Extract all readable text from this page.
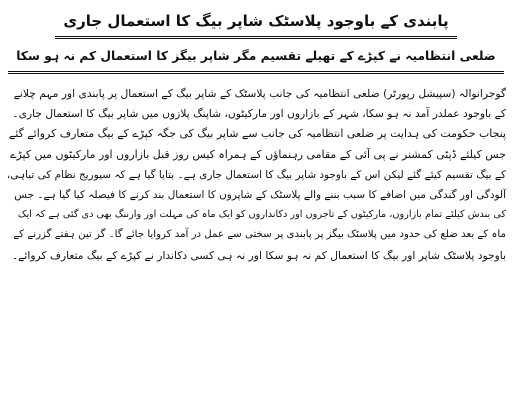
پابندی کے باوجود پلاسٹک شاپر بیگ کا استعمال جاری
ضلعی انتظامیہ نے کپڑے کے تھیلے تقسیم مگر شاپر بیگز کا استعمال کم نہ ہو سکا
گوجرانوالہ (سپیشل رپورٹر) ضلعی انتظامیہ کی جانب پلاسٹک کے شاپر بیگ کے استعمال پر پابندی اور مہم چلانے
کے باوجود عملدر آمد نہ ہو سکا، شہر کے بازاروں اور مارکیٹوں، شاپنگ پلازوں میں شاپر بیگ کا استعمال جاری۔
پنجاب حکومت کی ہدایت پر ضلعی انتظامیہ کی جانب سے شاپر بیگ کی جگہ کپڑے کے بیگ متعارف کروائے گئے
جس کیلئے ڈپٹی کمشنر نے پی آئی کے مقامی رہنماؤں کے ہمراہ کیس روز قبل بازاروں اور مارکیٹوں میں کپڑے
کے بیگ تقسیم کیئے گئے لیکن اس کے باوجود شاپر بیگ کا استعمال جاری ہے۔ بتایا گیا ہے کہ سیوریج نظام کی تباہی،
آلودگی اور گندگی میں اضافے کا سبب بننے والے پلاسٹک کے شاپروں کا استعمال بند کرنے کا فیصلہ کیا گیا ہے۔ جس
کی بندش کیلئے تمام بازاروں، مارکیٹوں کے تاجروں اور دکانداروں کو ایک ماہ کی مہلت اور وارننگ بھی دی گئی ہے کہ ایک
ماہ کے بعد ضلع کی حدود میں پلاسٹک بیگز پر پابندی پر سختی سے عمل در آمد کروایا جائے گا۔ گر تین ہفتے گزرنے کے
باوجود پلاسٹک شاپر اور بیگ کا استعمال کم نہ ہو سکا اور نہ ہی کسی دکاندار نے کپڑے کے بیگ متعارف کروائے۔
